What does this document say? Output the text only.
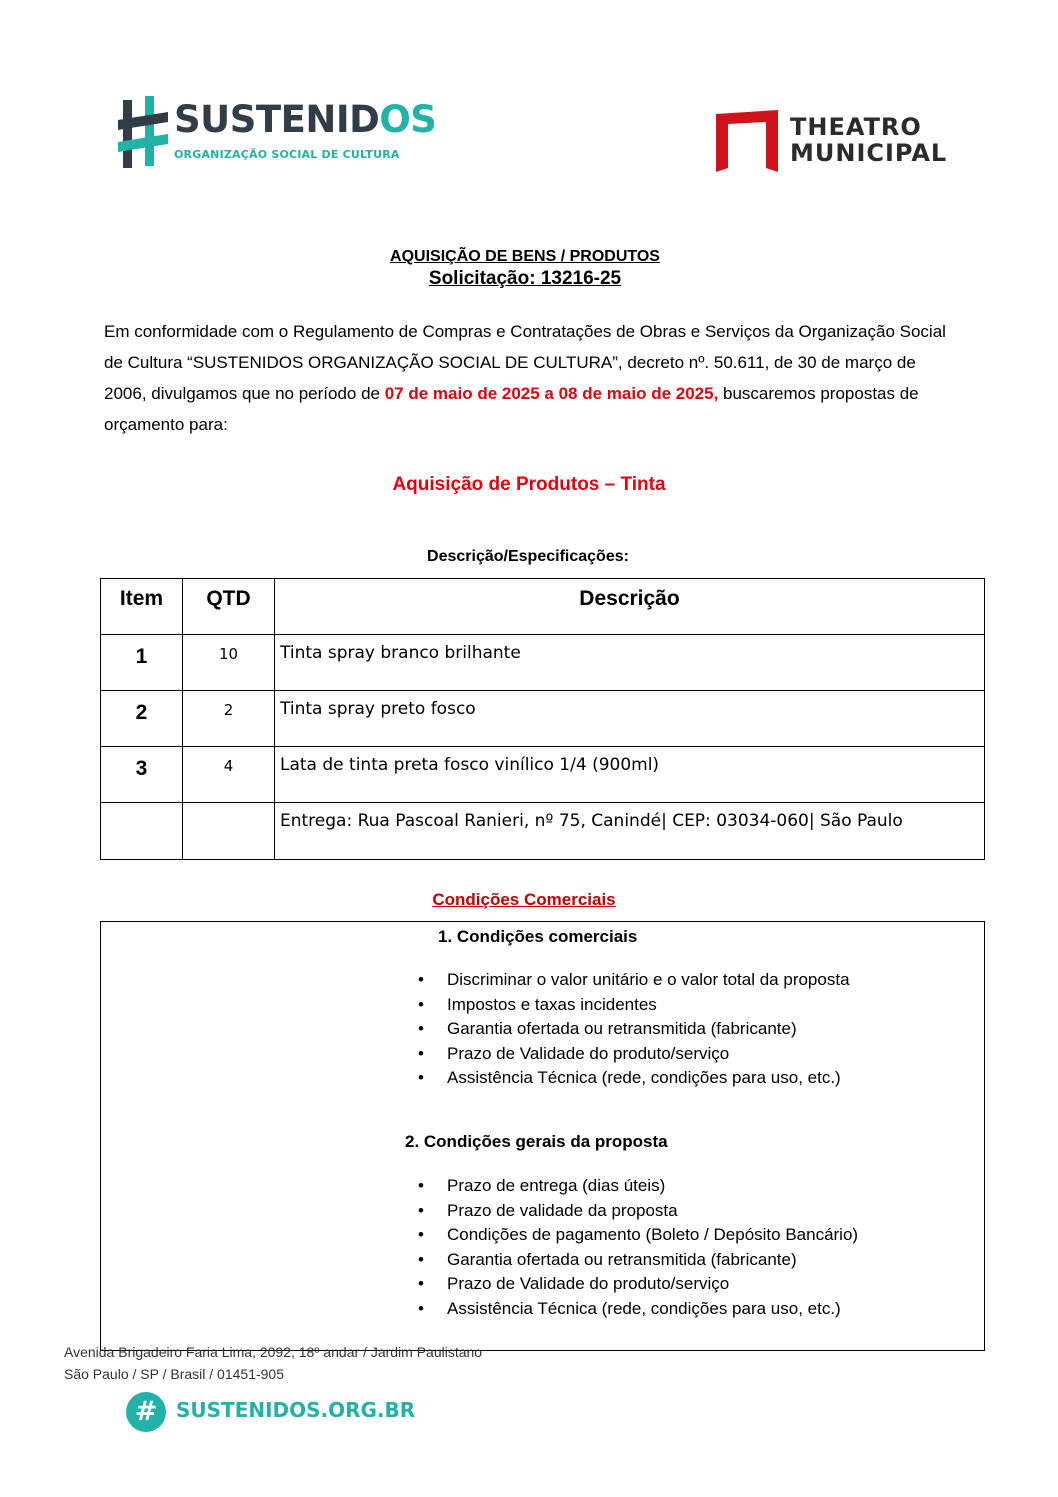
SUSTENIDOS
ORGANIZAÇÃO SOCIAL DE CULTURA
THEATRO
MUNICIPAL
AQUISIÇÃO DE BENS / PRODUTOS
Solicitação: 13216-25
Em conformidade com o Regulamento de Compras e Contratações de Obras e Serviços da Organização Social de Cultura “SUSTENIDOS ORGANIZAÇÃO SOCIAL DE CULTURA”, decreto nº. 50.611, de 30 de março de 2006, divulgamos que no período de 07 de maio de 2025 a 08 de maio de 2025, buscaremos propostas de orçamento para:
Aquisição de Produtos – Tinta
Descrição/Especificações:
Item	QTD	Descrição

1	10	Tinta spray branco brilhante

2	2	Tinta spray preto fosco

3	4	Lata de tinta preta fosco vinílico 1/4 (900ml)

		Entrega: Rua Pascoal Ranieri, nº 75, Canindé| CEP: 03034-060| São Paulo
Condições Comerciais
1. Condições comerciais
• Discriminar o valor unitário e o valor total da proposta
• Impostos e taxas incidentes
• Garantia ofertada ou retransmitida (fabricante)
• Prazo de Validade do produto/serviço
• Assistência Técnica (rede, condições para uso, etc.)
2. Condições gerais da proposta
• Prazo de entrega (dias úteis)
• Prazo de validade da proposta
• Condições de pagamento (Boleto / Depósito Bancário)
• Garantia ofertada ou retransmitida (fabricante)
• Prazo de Validade do produto/serviço
• Assistência Técnica (rede, condições para uso, etc.)
Avenida Brigadeiro Faria Lima, 2092, 18º andar / Jardim Paulistano
São Paulo / SP / Brasil / 01451-905
# SUSTENIDOS.ORG.BR
